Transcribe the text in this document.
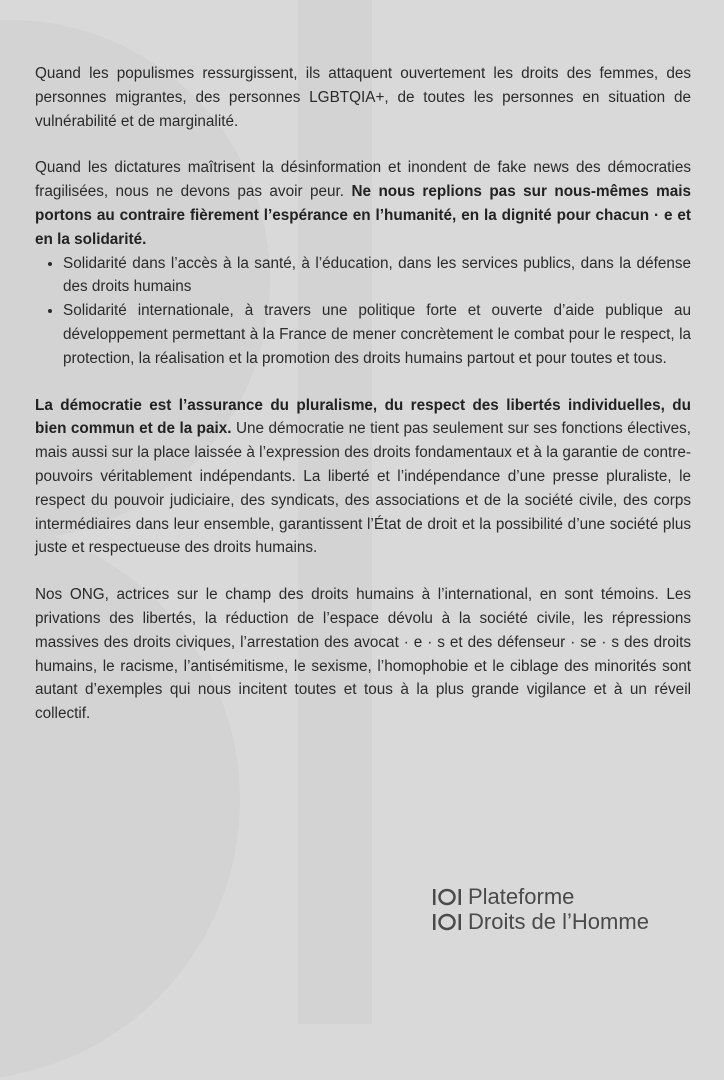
Quand les populismes ressurgissent, ils attaquent ouvertement les droits des femmes, des personnes migrantes, des personnes LGBTQIA+, de toutes les personnes en situation de vulnérabilité et de marginalité.

Quand les dictatures maîtrisent la désinformation et inondent de fake news des démocraties fragilisées, nous ne devons pas avoir peur. Ne nous replions pas sur nous-mêmes mais portons au contraire fièrement l’espérance en l’humanité, en la dignité pour chacun · e et en la solidarité.

• Solidarité dans l’accès à la santé, à l’éducation, dans les services publics, dans la défense des droits humains
• Solidarité internationale, à travers une politique forte et ouverte d’aide publique au développement permettant à la France de mener concrètement le combat pour le respect, la protection, la réalisation et la promotion des droits humains partout et pour toutes et tous.

La démocratie est l’assurance du pluralisme, du respect des libertés individuelles, du bien commun et de la paix. Une démocratie ne tient pas seulement sur ses fonctions électives, mais aussi sur la place laissée à l’expression des droits fondamentaux et à la garantie de contre-pouvoirs véritablement indépendants. La liberté et l’indépendance d’une presse pluraliste, le respect du pouvoir judiciaire, des syndicats, des associations et de la société civile, des corps intermédiaires dans leur ensemble, garantissent l’État de droit et la possibilité d’une société plus juste et respectueuse des droits humains.

Nos ONG, actrices sur le champ des droits humains à l’international, en sont témoins. Les privations des libertés, la réduction de l’espace dévolu à la société civile, les répressions massives des droits civiques, l’arrestation des avocat · e · s et des défenseur · se · s des droits humains, le racisme, l’antisémitisme, le sexisme, l’homophobie et le ciblage des minorités sont autant d’exemples qui nous incitent toutes et tous à la plus grande vigilance et à un réveil collectif.

Plateforme
Droits de l’Homme
